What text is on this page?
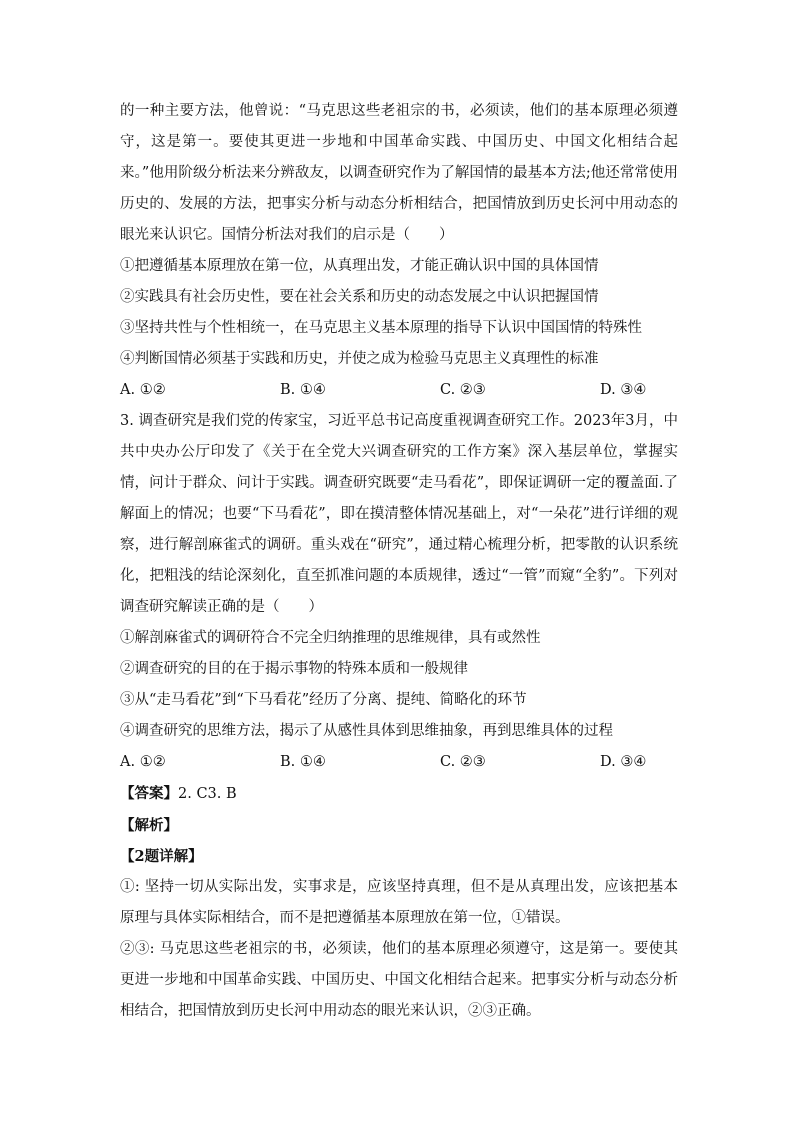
的一种主要方法，他曾说：“马克思这些老祖宗的书，必须读，他们的基本原理必须遵守，这是第一。要使其更进一步地和中国革命实践、中国历史、中国文化相结合起来。”他用阶级分析法来分辨敌友，以调查研究作为了解国情的最基本方法;他还常常使用历史的、发展的方法，把事实分析与动态分析相结合，把国情放到历史长河中用动态的眼光来认识它。国情分析法对我们的启示是（　　）

①把遵循基本原理放在第一位，从真理出发，才能正确认识中国的具体国情

②实践具有社会历史性，要在社会关系和历史的动态发展之中认识把握国情

③坚持共性与个性相统一，在马克思主义基本原理的指导下认识中国国情的特殊性

④判断国情必须基于实践和历史，并使之成为检验马克思主义真理性的标准

A. ①②	B. ①④	C. ②③	D. ③④

3. 调查研究是我们党的传家宝，习近平总书记高度重视调查研究工作。2023年3月，中共中央办公厅印发了《关于在全党大兴调查研究的工作方案》深入基层单位，掌握实情，问计于群众、问计于实践。调查研究既要“走马看花”，即保证调研一定的覆盖面.了解面上的情况；也要“下马看花”，即在摸清整体情况基础上，对“一朵花”进行详细的观察，进行解剖麻雀式的调研。重头戏在“研究”，通过精心梳理分析，把零散的认识系统化，把粗浅的结论深刻化，直至抓准问题的本质规律，透过“一管”而窥“全豹”。下列对调查研究解读正确的是（　　）

①解剖麻雀式的调研符合不完全归纳推理的思维规律，具有或然性

②调查研究的目的在于揭示事物的特殊本质和一般规律

③从“走马看花”到“下马看花”经历了分离、提纯、简略化的环节

④调查研究的思维方法，揭示了从感性具体到思维抽象，再到思维具体的过程

A. ①②	B. ①④	C. ②③	D. ③④

【答案】2. C3. B

【解析】

【2题详解】

①: 坚持一切从实际出发，实事求是，应该坚持真理，但不是从真理出发，应该把基本原理与具体实际相结合，而不是把遵循基本原理放在第一位，①错误。

②③: 马克思这些老祖宗的书，必须读，他们的基本原理必须遵守，这是第一。要使其更进一步地和中国革命实践、中国历史、中国文化相结合起来。把事实分析与动态分析相结合，把国情放到历史长河中用动态的眼光来认识，②③正确。
